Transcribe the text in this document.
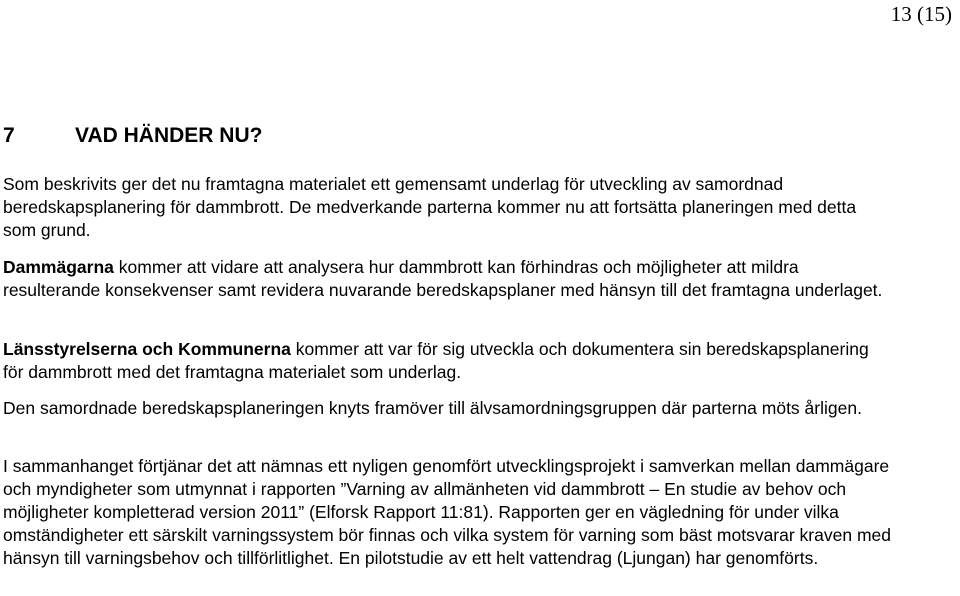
13 (15)
7	VAD HÄNDER NU?

Som beskrivits ger det nu framtagna materialet ett gemensamt underlag för utveckling av samordnad beredskapsplanering för dammbrott. De medverkande parterna kommer nu att fortsätta planeringen med detta som grund.

Dammägarna kommer att vidare att analysera hur dammbrott kan förhindras och möjligheter att mildra resulterande konsekvenser samt revidera nuvarande beredskapsplaner med hänsyn till det framtagna underlaget.

Länsstyrelserna och Kommunerna kommer att var för sig utveckla och dokumentera sin beredskapsplanering för dammbrott med det framtagna materialet som underlag.

Den samordnade beredskapsplaneringen knyts framöver till älvsamordningsgruppen där parterna möts årligen.

I sammanhanget förtjänar det att nämnas ett nyligen genomfört utvecklingsprojekt i samverkan mellan dammägare och myndigheter som utmynnat i rapporten ”Varning av allmänheten vid dammbrott – En studie av behov och möjligheter kompletterad version 2011” (Elforsk Rapport 11:81). Rapporten ger en vägledning för under vilka omständigheter ett särskilt varningssystem bör finnas och vilka system för varning som bäst motsvarar kraven med hänsyn till varningsbehov och tillförlitlighet. En pilotstudie av ett helt vattendrag (Ljungan) har genomförts.
